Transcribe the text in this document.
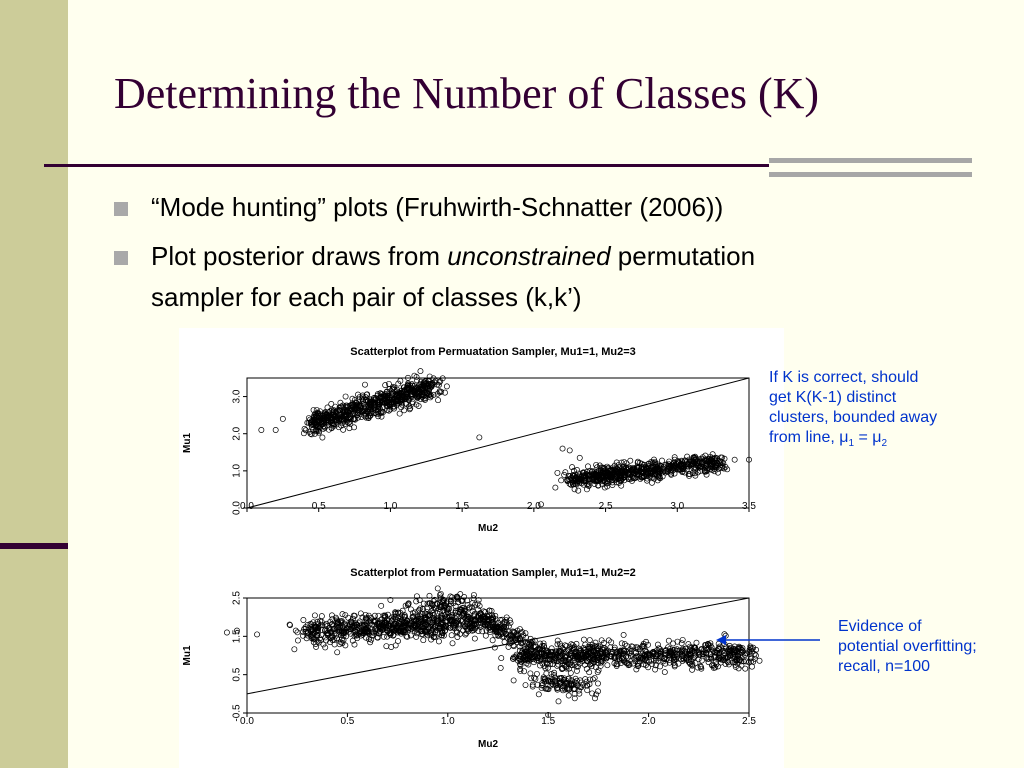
Determining the Number of Classes (K)
“Mode hunting” plots (Fruhwirth-Schnatter (2006))
Plot posterior draws from unconstrained permutation
sampler for each pair of classes (k,k’)
Scatterplot from Permuatation Sampler, Mu1=1, Mu2=3
0.0	0.5	1.0	1.5	2.0	2.5	3.0	3.5
0.0
1.0
2.0
3.0
Mu2
Mu1
Scatterplot from Permuatation Sampler, Mu1=1, Mu2=2
0.0	0.5	1.0	1.5	2.0	2.5
-0.5
0.5
1.5
2.5
Mu2
Mu1
If K is correct, should
get K(K-1) distinct
clusters, bounded away
from line, $\mu_1 = \mu_2$
Evidence of
potential overfitting;
recall, n=100
